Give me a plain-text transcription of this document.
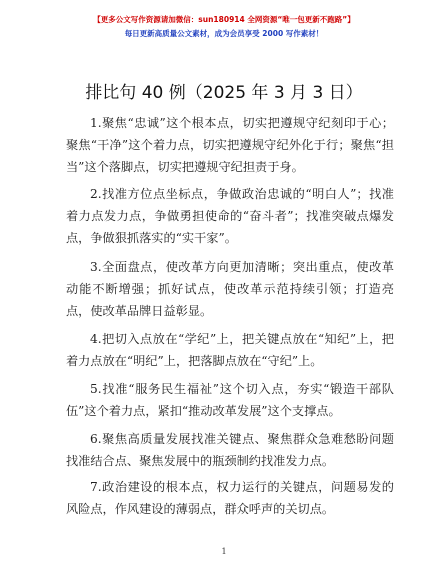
【更多公文写作资源请加微信：sun180914 全网资源“唯一包更新不跑路”】
每日更新高质量公文素材，成为会员享受 2000 写作素材！
排比句 40 例（2025 年 3 月 3 日）

1.聚焦“忠诚”这个根本点，切实把遵规守纪刻印于心；聚焦“干净”这个着力点，切实把遵规守纪外化于行；聚焦“担当”这个落脚点，切实把遵规守纪担责于身。

2.找准方位点坐标点，争做政治忠诚的“明白人”；找准着力点发力点，争做勇担使命的“奋斗者”；找准突破点爆发点，争做狠抓落实的“实干家”。

3.全面盘点，使改革方向更加清晰；突出重点，使改革动能不断增强；抓好试点，使改革示范持续引领；打造亮点，使改革品牌日益彰显。

4.把切入点放在“学纪”上，把关键点放在“知纪”上，把着力点放在“明纪”上，把落脚点放在“守纪”上。

5.找准“服务民生福祉”这个切入点，夯实“锻造干部队伍”这个着力点，紧扣“推动改革发展”这个支撑点。

6.聚焦高质量发展找准关键点、聚焦群众急难愁盼问题找准结合点、聚焦发展中的瓶颈制约找准发力点。

7.政治建设的根本点，权力运行的关键点，问题易发的风险点，作风建设的薄弱点，群众呼声的关切点。

1
